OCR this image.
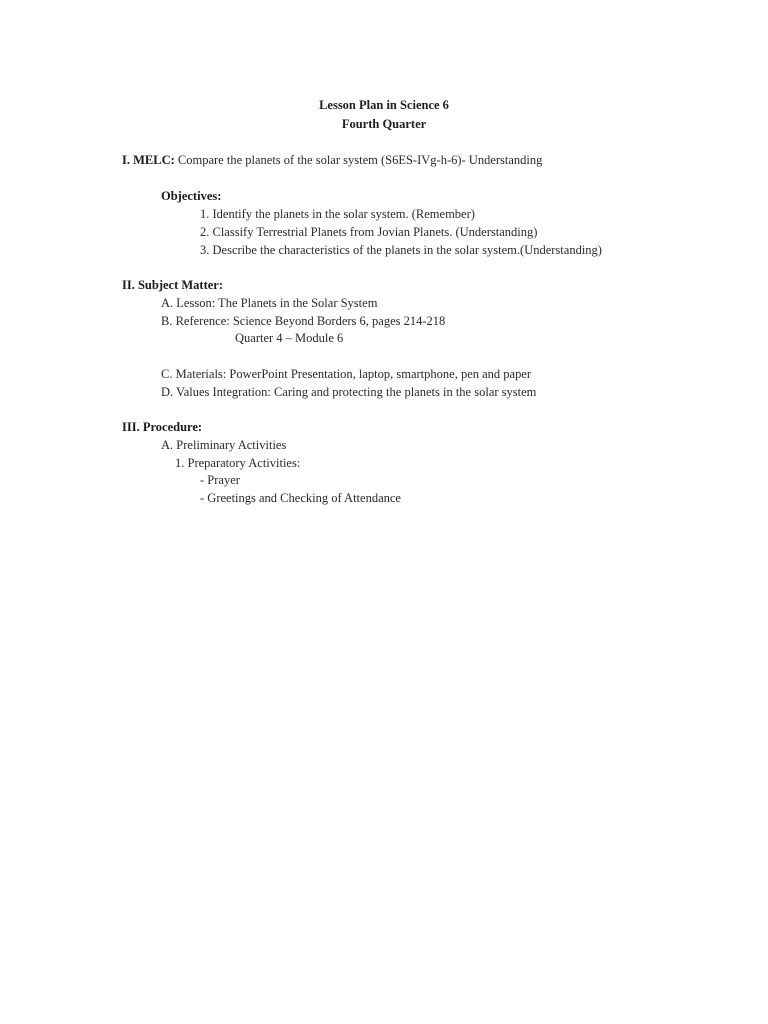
Lesson Plan in Science 6
Fourth Quarter
I. MELC: Compare the planets of the solar system (S6ES-IVg-h-6)- Understanding
Objectives:
1. Identify the planets in the solar system. (Remember)
2. Classify Terrestrial Planets from Jovian Planets. (Understanding)
3. Describe the characteristics of the planets in the solar system.(Understanding)
II. Subject Matter:
A. Lesson: The Planets in the Solar System
B. Reference: Science Beyond Borders 6, pages 214-218
Quarter 4 – Module 6
C. Materials: PowerPoint Presentation, laptop, smartphone, pen and paper
D. Values Integration: Caring and protecting the planets in the solar system
III. Procedure:
A. Preliminary Activities
1. Preparatory Activities:
- Prayer
- Greetings and Checking of Attendance
